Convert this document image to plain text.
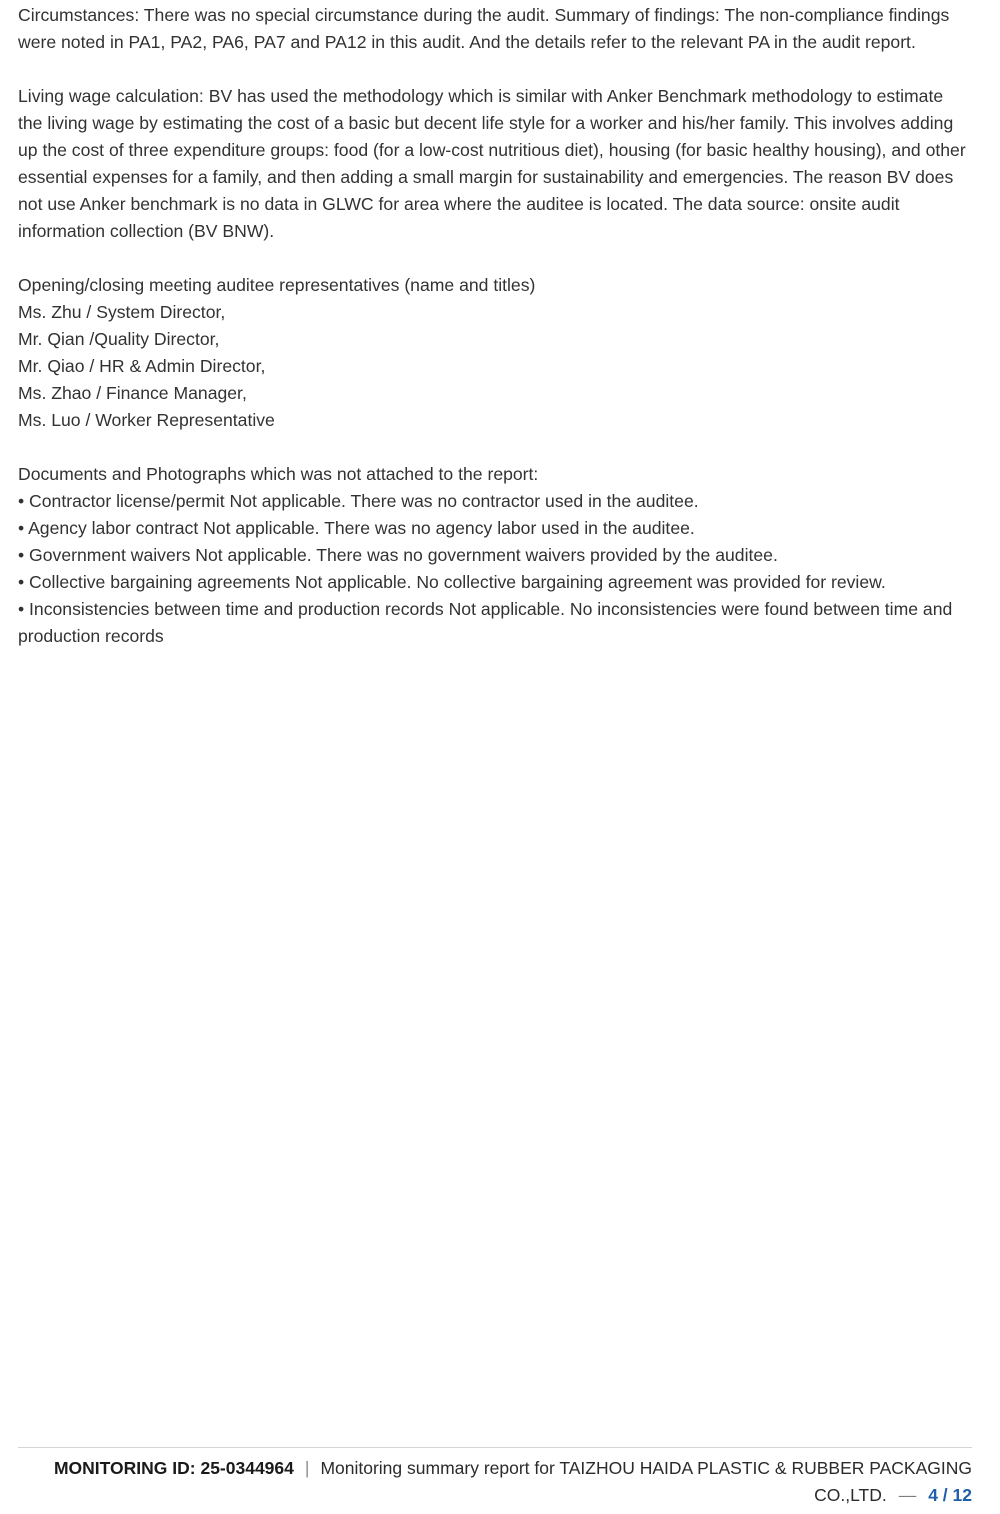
Circumstances: There was no special circumstance during the audit. Summary of findings: The non-compliance findings were noted in PA1, PA2, PA6, PA7 and PA12 in this audit. And the details refer to the relevant PA in the audit report.
Living wage calculation: BV has used the methodology which is similar with Anker Benchmark methodology to estimate the living wage by estimating the cost of a basic but decent life style for a worker and his/her family. This involves adding up the cost of three expenditure groups: food (for a low-cost nutritious diet), housing (for basic healthy housing), and other essential expenses for a family, and then adding a small margin for sustainability and emergencies. The reason BV does not use Anker benchmark is no data in GLWC for area where the auditee is located. The data source: onsite audit information collection (BV BNW).
Opening/closing meeting auditee representatives (name and titles)
Ms. Zhu / System Director,
Mr. Qian /Quality Director,
Mr. Qiao / HR & Admin Director,
Ms. Zhao / Finance Manager,
Ms. Luo / Worker Representative
Documents and Photographs which was not attached to the report:
• Contractor license/permit Not applicable. There was no contractor used in the auditee.
• Agency labor contract Not applicable. There was no agency labor used in the auditee.
• Government waivers Not applicable. There was no government waivers provided by the auditee.
• Collective bargaining agreements Not applicable. No collective bargaining agreement was provided for review.
• Inconsistencies between time and production records Not applicable. No inconsistencies were found between time and production records
MONITORING ID: 25-0344964 | Monitoring summary report for TAIZHOU HAIDA PLASTIC & RUBBER PACKAGING CO.,LTD. — 4 / 12
